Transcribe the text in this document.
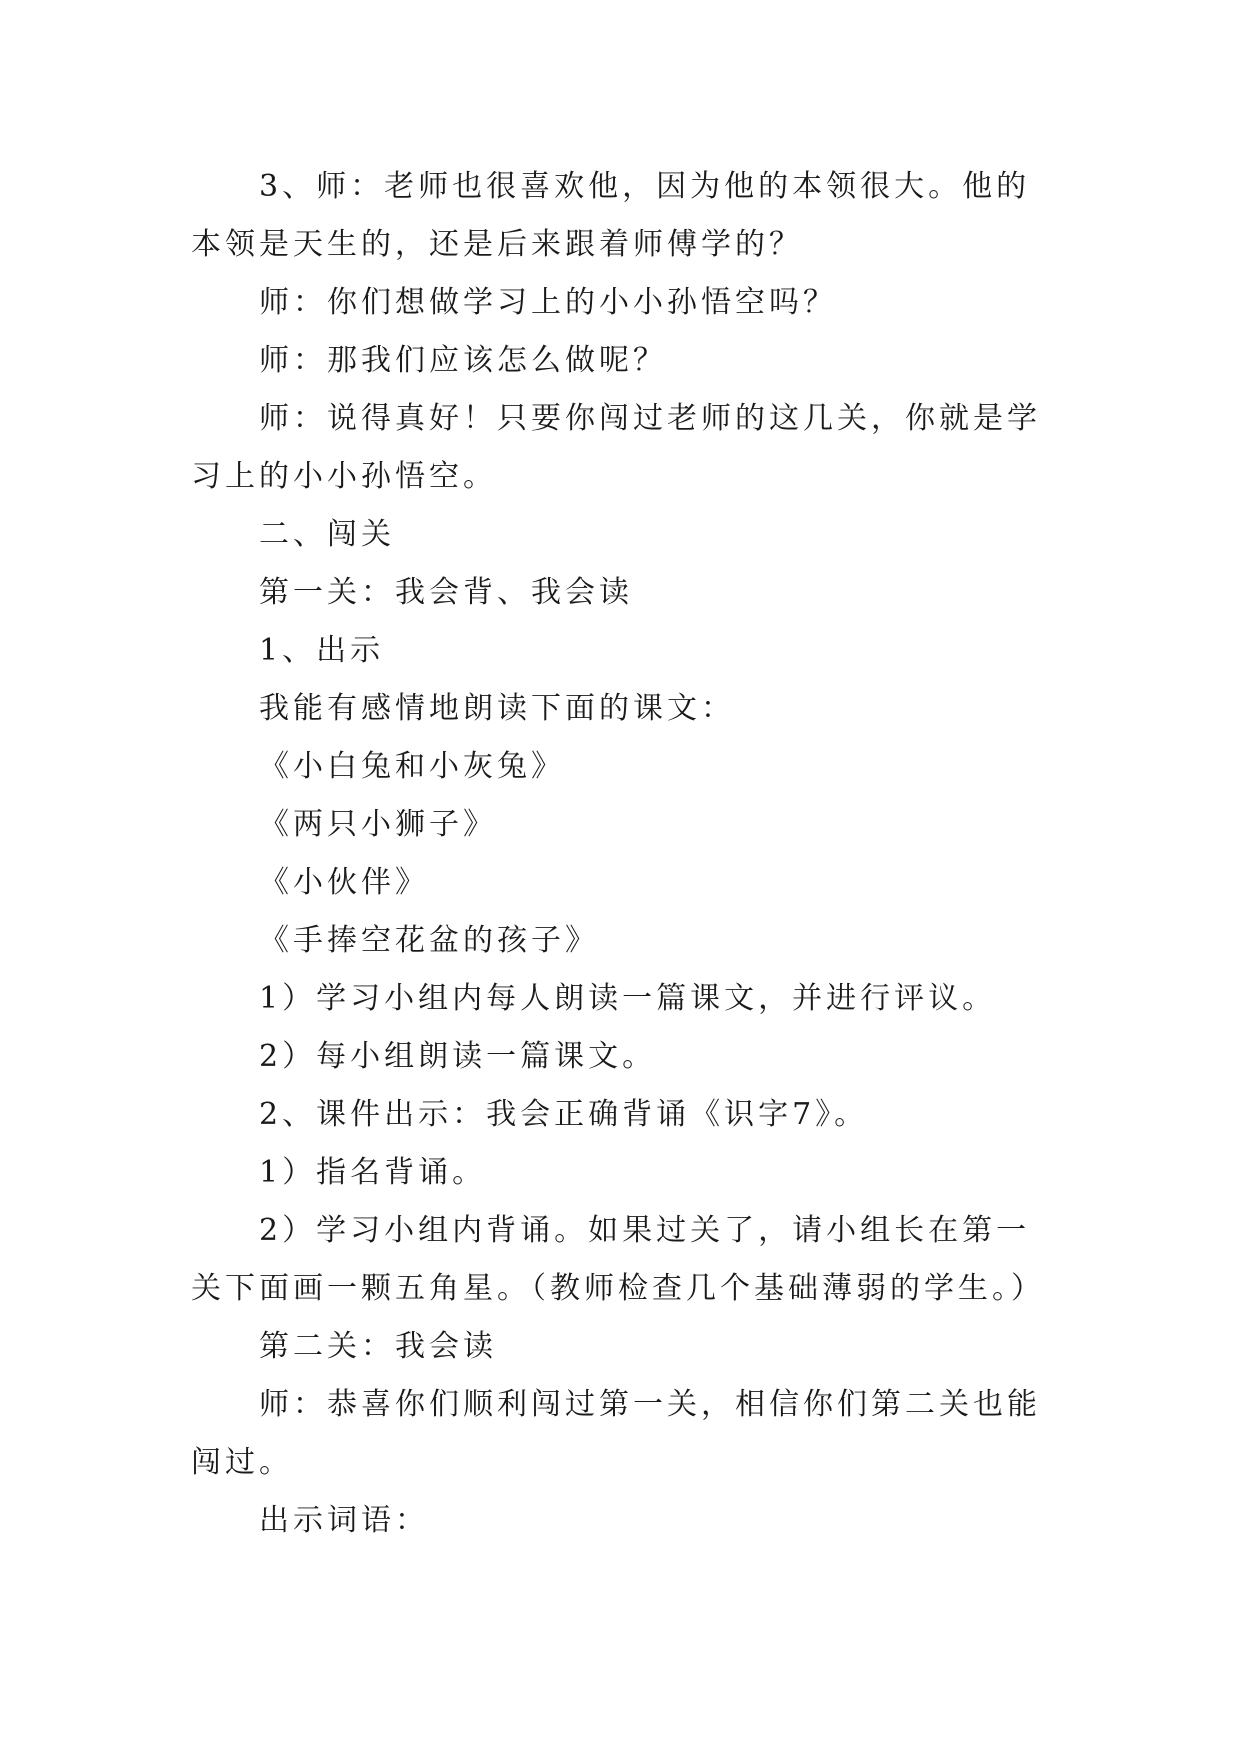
3、师：老师也很喜欢他，因为他的本领很大。他的本领是天生的，还是后来跟着师傅学的？

师：你们想做学习上的小小孙悟空吗？

师：那我们应该怎么做呢？

师：说得真好！只要你闯过老师的这几关，你就是学习上的小小孙悟空。

二、闯关

第一关：我会背、我会读

1、出示

我能有感情地朗读下面的课文：

《小白兔和小灰兔》

《两只小狮子》

《小伙伴》

《手捧空花盆的孩子》

1）学习小组内每人朗读一篇课文，并进行评议。

2）每小组朗读一篇课文。

2、课件出示：我会正确背诵《识字7》。

1）指名背诵。

2）学习小组内背诵。如果过关了，请小组长在第一关下面画一颗五角星。（教师检查几个基础薄弱的学生。）

第二关：我会读

师：恭喜你们顺利闯过第一关，相信你们第二关也能闯过。

出示词语：
